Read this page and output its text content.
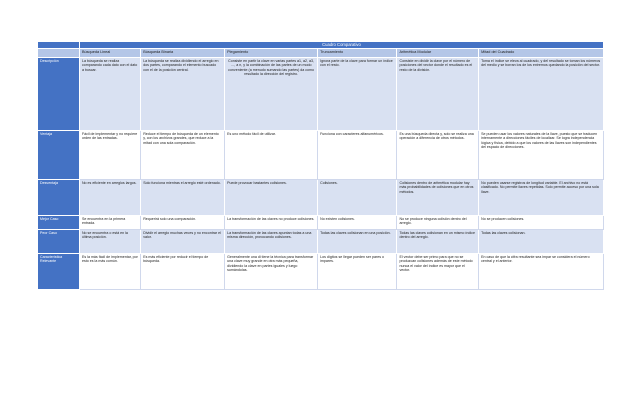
	Cuadro Comparativo					
	Búsqueda Lineal	Búsqueda Binaria	Plegamiento	Truncamiento	Aritmética Modular	Mitad del Cuadrado
Descripción	La búsqueda se realiza comparando cada dato con el dato a buscar.	La búsqueda se realiza dividiendo el arreglo en dos partes, comparando el elemento buscado con el de la posición central.	Consiste en partir la clave en varias partes a1, a2, a3, …, a n, y la combinación de las partes de un modo conveniente (a menudo sumando las partes) da como resultado la dirección del registro.	Ignora parte de la clave para formar un índice con el resto.	Consiste en dividir la clave por el número de posiciones del vector donde el resultado es el resto de la división.	Toma el índice se eleva al cuadrado, y del resultado se toman los números del medio y se borran los de los extremos quedando la posición del sector.
Ventaja	Fácil de implementar y no requiere orden de las entradas.	Reduce el tiempo de búsqueda de un elemento y, con los archivos grandes, que reduce a la mitad con una sola comparación.	Es uno método fácil de utilizar.	Funciona con caracteres alfanuméricos.	Es una búsqueda directa y, solo se realiza una operación a diferencia de otros métodos.	Se pueden usar los valores naturales de la llave, puesto que se traducen internamente a direcciones fáciles de localizar. Se logra independencia lógica y física, debido a que los valores de las llaves son independientes del espacio de direcciones.
Desventaja	No es eficiente en arreglos largos.	Solo funciona mientras el arreglo esté ordenado.	Puede provocar bastantes colisiones.	Colisiones.	Colisiones dentro de aritmética modular hay más probabilidades de colisiones que en otros métodos.	No pueden usarse registros de longitud variable. El archivo no está clasificado. No permite llaves repetidas. Solo permite acceso por una sola llave.
Mejor Caso	Se encuentra en la primera entrada.	Requerirá solo una comparación.	La transformación de las claves no produce colisiones.	No existen colisiones.	No se produce ninguna colisión dentro del arreglo.	No se producen colisiones.
Peor Caso	No se encuentra o está en la última posición.	Dividir el arreglo muchas veces y no encontrar el valor.	La transformación de las claves apuntan todas a una misma dirección, provocando colisiones.	Todas las claves colisionan en una posición.	Todas las claves colisionan en un mismo índice dentro del arreglo.	Todas las claves colisionan.
Característica Relevante	Es la más fácil de implementar, por esto es la más común.	Es más eficiente por reducir el tiempo de búsqueda.	Generalmente una di tiene la técnica para transformar una clave muy grande en otra más pequeña, dividiendo la clave en partes iguales y luego sumándolas.	Los dígitos se llegar pueden ser pares o impares.	El vector debe ser primo para que no se produzcan colisiones además de este método nunca el valor del índice es mayor que el vector.	En caso de que la cifra resultante sea impar se considera el número central y el anterior.
